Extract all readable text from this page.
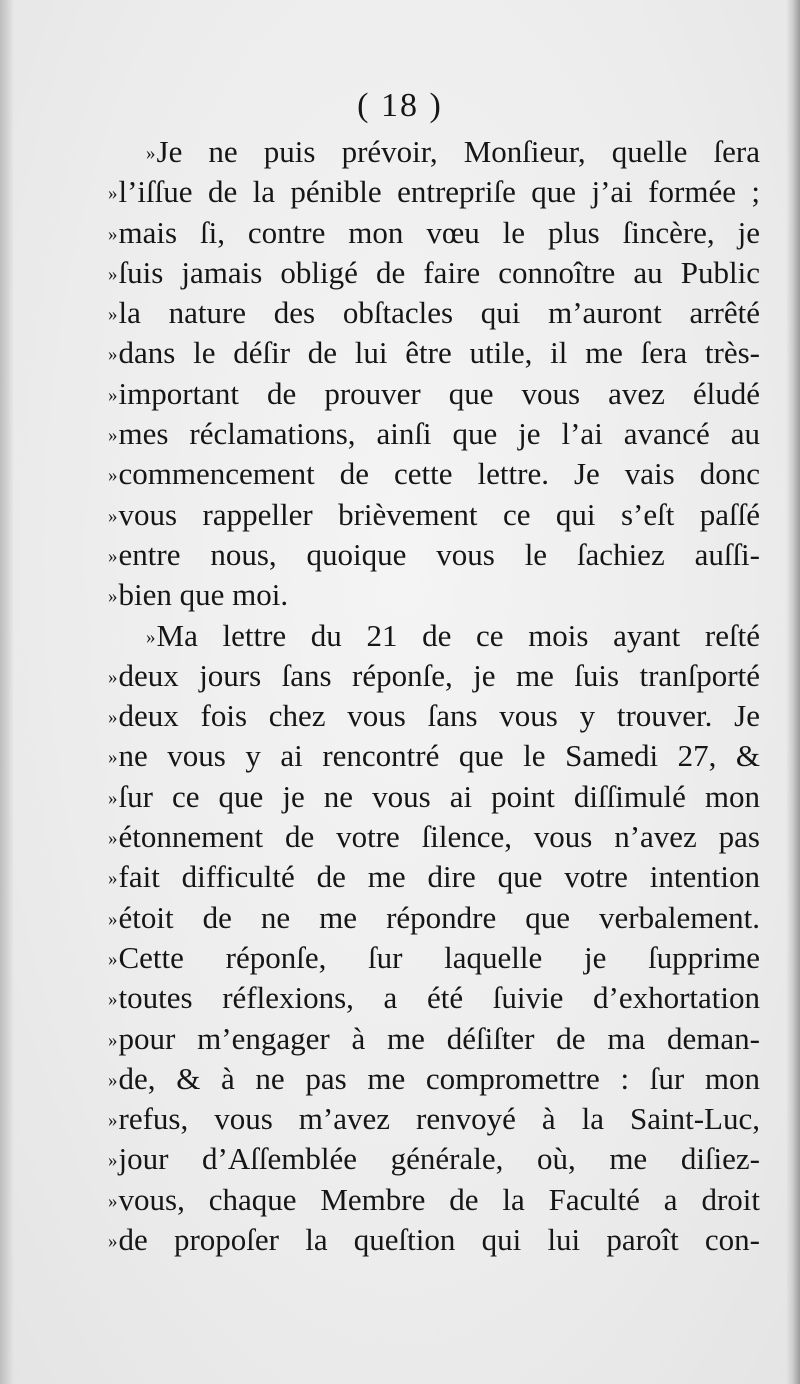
( 18 )
»Je ne puis prévoir, Monſieur, quelle ſera
»l’iſſue de la pénible entrepriſe que j’ai formée ;
»mais ſi, contre mon vœu le plus ſincère, je
»ſuis jamais obligé de faire connoître au Public
»la nature des obſtacles qui m’auront arrêté
»dans le déſir de lui être utile, il me ſera très-
»important de prouver que vous avez éludé
»mes réclamations, ainſi que je l’ai avancé au
»commencement de cette lettre. Je vais donc
»vous rappeller brièvement ce qui s’eſt paſſé
»entre nous, quoique vous le ſachiez auſſi-
»bien que moi.
»Ma lettre du 21 de ce mois ayant reſté
»deux jours ſans réponſe, je me ſuis tranſporté
»deux fois chez vous ſans vous y trouver. Je
»ne vous y ai rencontré que le Samedi 27, &
»ſur ce que je ne vous ai point diſſimulé mon
»étonnement de votre ſilence, vous n’avez pas
»fait difficulté de me dire que votre intention
»étoit de ne me répondre que verbalement.
»Cette réponſe, ſur laquelle je ſupprime
»toutes réflexions, a été ſuivie d’exhortation
»pour m’engager à me déſiſter de ma deman-
»de, & à ne pas me compromettre : ſur mon
»refus, vous m’avez renvoyé à la Saint-Luc,
»jour d’Aſſemblée générale, où, me diſiez-
»vous, chaque Membre de la Faculté a droit
»de propoſer la queſtion qui lui paroît con-
